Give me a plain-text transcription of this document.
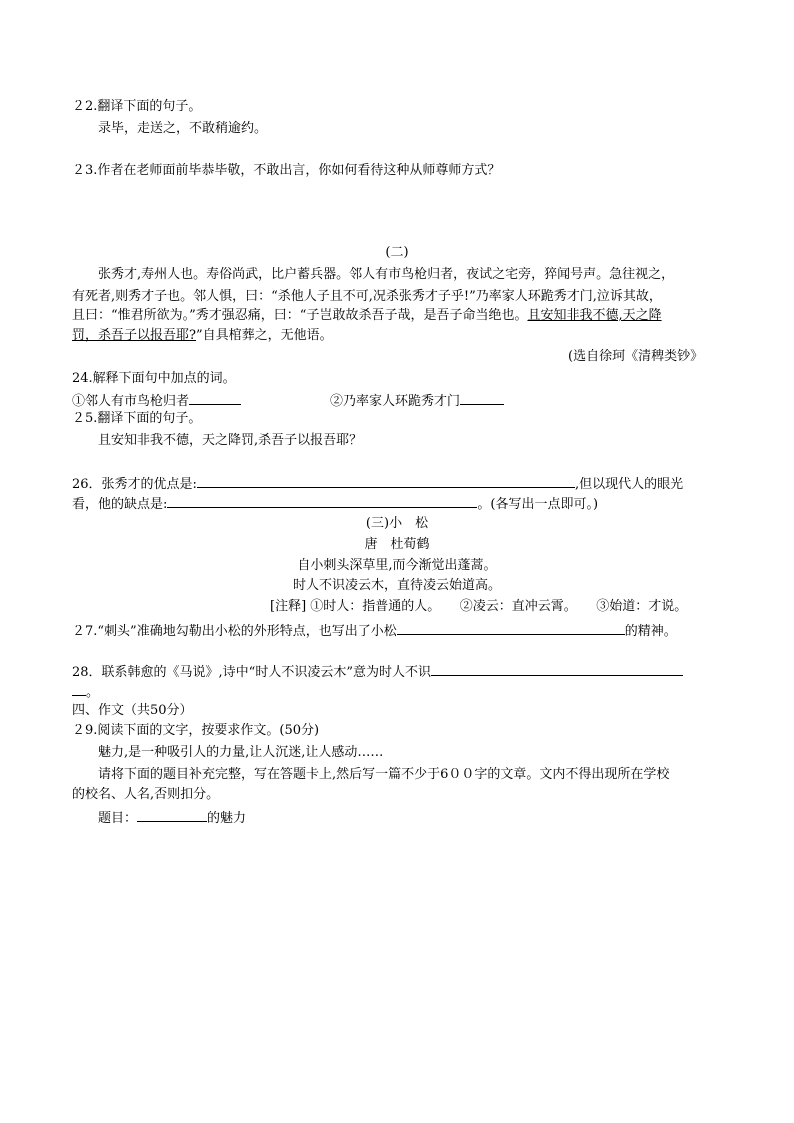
２2.翻译下面的句子。
录毕，走送之，不敢稍逾约。
２3.作者在老师面前毕恭毕敬，不敢出言，你如何看待这种从师尊师方式？
(二)
张秀才,寿州人也。寿俗尚武，比户蓄兵器。邻人有市鸟枪归者，夜试之宅旁，猝闻号声。急往视之，
有死者,则秀才子也。邻人惧，曰：“杀他人子且不可,况杀张秀才子乎!”乃率家人环跪秀才门,泣诉其故，
且曰：“惟君所欲为。”秀才强忍痛，曰：“子岂敢故杀吾子哉，是吾子命当绝也。且安知非我不德,天之降
罚，杀吾子以报吾耶?”自具棺葬之，无他语。
(选自徐珂《清稗类钞》
24.解释下面句中加点的词。
①邻人有市鸟枪归者	②乃率家人环跪秀才门
２5.翻译下面的句子。
且安知非我不德，天之降罚,杀吾子以报吾耶？
26．张秀才的优点是:	,但以现代人的眼光
看，他的缺点是:	。(各写出一点即可。)
(三)小　松
唐　杜荀鹤
自小刺头深草里,而今渐觉出蓬蒿。
时人不识凌云木，直待凌云始道高。
[注释] ①时人：指普通的人。　　②凌云：直冲云霄。　　③始道：才说。
２7.“刺头”准确地勾勒出小松的外形特点，也写出了小松	的精神。
28．联系韩愈的《马说》,诗中“时人不识凌云木”意为时人不识
。
四、作文（共50分）
２9.阅读下面的文字，按要求作文。(50分)
魅力,是一种吸引人的力量,让人沉迷,让人感动……
请将下面的题目补充完整，写在答题卡上,然后写一篇不少于6００字的文章。文内不得出现所在学校
的校名、人名,否则扣分。
题目：	的魅力
